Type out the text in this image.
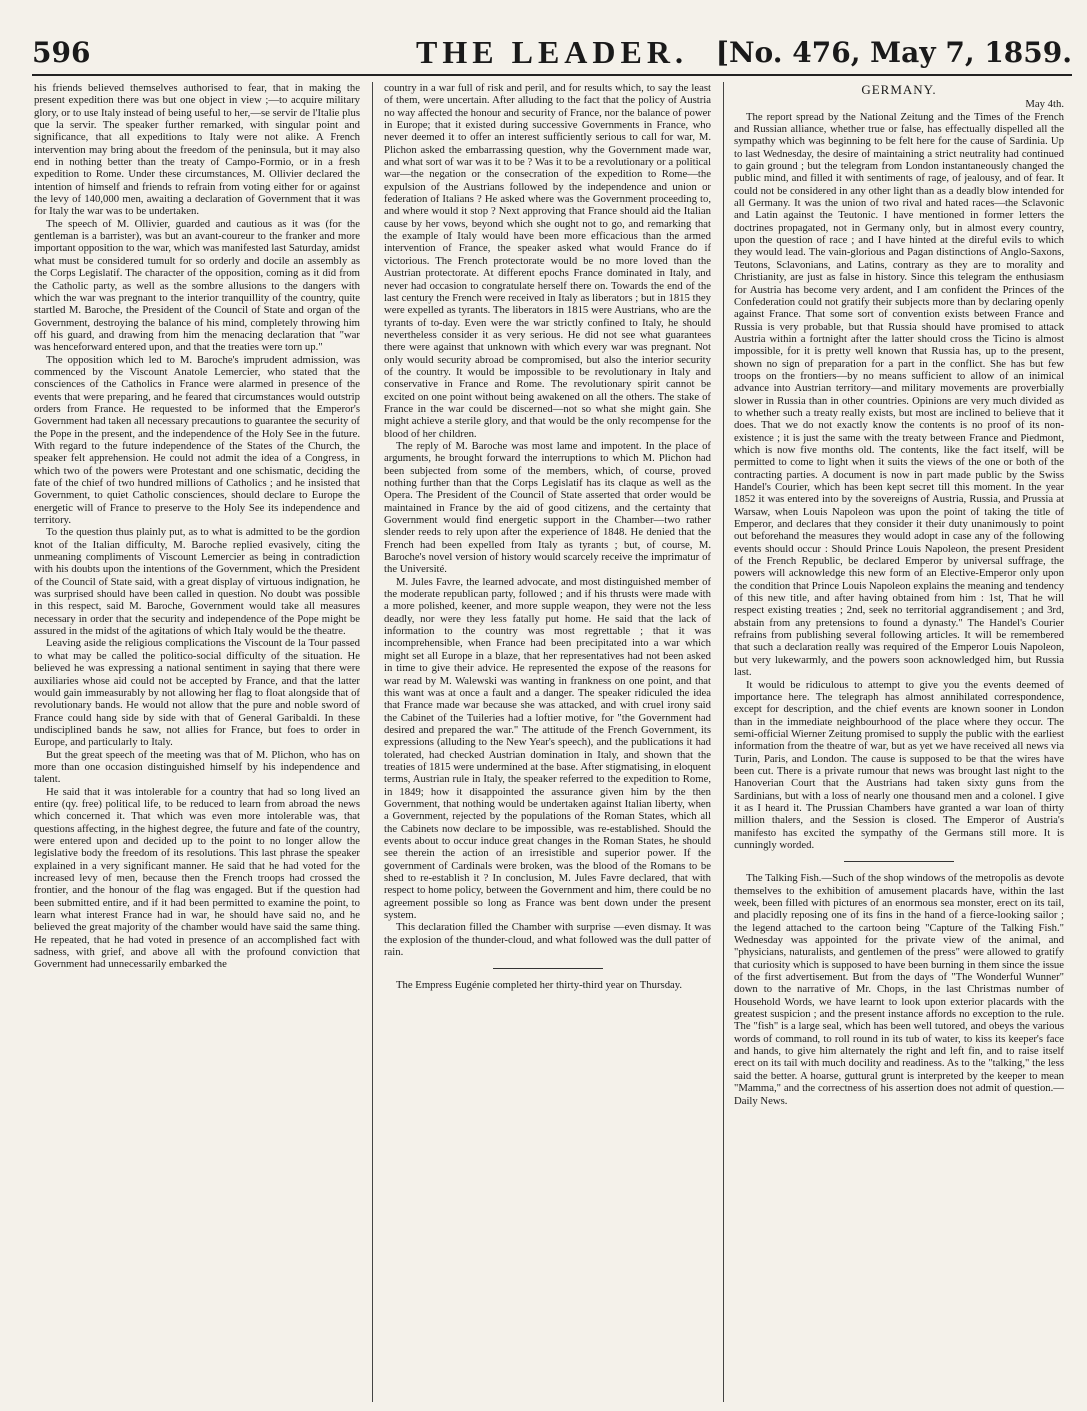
596	THE LEADER. [No. 476, May 7, 1859.

his friends believed themselves authorised to fear, that in making the present expedition there was but one object in view ;—to acquire military glory, or to use Italy instead of being useful to her,—se servir de l'Italie plus que la servir. The speaker further remarked, with singular point and significance, that all expeditions to Italy were not alike. A French intervention may bring about the freedom of the peninsula, but it may also end in nothing better than the treaty of Campo-Formio, or in a fresh expedition to Rome. Under these circumstances, M. Ollivier declared the intention of himself and friends to refrain from voting either for or against the levy of 140,000 men, awaiting a declaration of Government that it was for Italy the war was to be undertaken.

The speech of M. Ollivier, guarded and cautious as it was (for the gentleman is a barrister), was but an avant-coureur to the franker and more important opposition to the war, which was manifested last Saturday, amidst what must be considered tumult for so orderly and docile an assembly as the Corps Legislatif. The character of the opposition, coming as it did from the Catholic party, as well as the sombre allusions to the dangers with which the war was pregnant to the interior tranquillity of the country, quite startled M. Baroche, the President of the Council of State and organ of the Government, destroying the balance of his mind, completely throwing him off his guard, and drawing from him the menacing declaration that "war was henceforward entered upon, and that the treaties were torn up."

The opposition which led to M. Baroche's imprudent admission, was commenced by the Viscount Anatole Lemercier, who stated that the consciences of the Catholics in France were alarmed in presence of the events that were preparing, and he feared that circumstances would outstrip orders from France. He requested to be informed that the Emperor's Government had taken all necessary precautions to guarantee the security of the Pope in the present, and the independence of the Holy See in the future. With regard to the future independence of the States of the Church, the speaker felt apprehension. He could not admit the idea of a Congress, in which two of the powers were Protestant and one schismatic, deciding the fate of the chief of two hundred millions of Catholics ; and he insisted that Government, to quiet Catholic consciences, should declare to Europe the energetic will of France to preserve to the Holy See its independence and territory.

To the question thus plainly put, as to what is admitted to be the gordion knot of the Italian difficulty, M. Baroche replied evasively, citing the unmeaning compliments of Viscount Lemercier as being in contradiction with his doubts upon the intentions of the Government, which the President of the Council of State said, with a great display of virtuous indignation, he was surprised should have been called in question. No doubt was possible in this respect, said M. Baroche, Government would take all measures necessary in order that the security and independence of the Pope might be assured in the midst of the agitations of which Italy would be the theatre.

Leaving aside the religious complications the Viscount de la Tour passed to what may be called the politico-social difficulty of the situation. He believed he was expressing a national sentiment in saying that there were auxiliaries whose aid could not be accepted by France, and that the latter would gain immeasurably by not allowing her flag to float alongside that of revolutionary bands. He would not allow that the pure and noble sword of France could hang side by side with that of General Garibaldi. In these undisciplined bands he saw, not allies for France, but foes to order in Europe, and particularly to Italy.

But the great speech of the meeting was that of M. Plichon, who has on more than one occasion distinguished himself by his independence and talent.

He said that it was intolerable for a country that had so long lived an entire (qy. free) political life, to be reduced to learn from abroad the news which concerned it. That which was even more intolerable was, that questions affecting, in the highest degree, the future and fate of the country, were entered upon and decided up to the point to no longer allow the legislative body the freedom of its resolutions. This last phrase the speaker explained in a very significant manner. He said that he had voted for the increased levy of men, because then the French troops had crossed the frontier, and the honour of the flag was engaged. But if the question had been submitted entire, and if it had been permitted to examine the point, to learn what interest France had in war, he should have said no, and he believed the great majority of the chamber would have said the same thing. He repeated, that he had voted in presence of an accomplished fact with sadness, with grief, and above all with the profound conviction that Government had unnecessarily embarked the

country in a war full of risk and peril, and for results which, to say the least of them, were uncertain. After alluding to the fact that the policy of Austria no way affected the honour and security of France, nor the balance of power in Europe; that it existed during successive Governments in France, who never deemed it to offer an interest sufficiently serious to call for war, M. Plichon asked the embarrassing question, why the Government made war, and what sort of war was it to be ? Was it to be a revolutionary or a political war—the negation or the consecration of the expedition to Rome—the expulsion of the Austrians followed by the independence and union or federation of Italians ? He asked where was the Government proceeding to, and where would it stop ? Next approving that France should aid the Italian cause by her vows, beyond which she ought not to go, and remarking that the example of Italy would have been more efficacious than the armed intervention of France, the speaker asked what would France do if victorious. The French protectorate would be no more loved than the Austrian protectorate. At different epochs France dominated in Italy, and never had occasion to congratulate herself there on. Towards the end of the last century the French were received in Italy as liberators ; but in 1815 they were expelled as tyrants. The liberators in 1815 were Austrians, who are the tyrants of to-day. Even were the war strictly confined to Italy, he should nevertheless consider it as very serious. He did not see what guarantees there were against that unknown with which every war was pregnant. Not only would security abroad be compromised, but also the interior security of the country. It would be impossible to be revolutionary in Italy and conservative in France and Rome. The revolutionary spirit cannot be excited on one point without being awakened on all the others. The stake of France in the war could be discerned—not so what she might gain. She might achieve a sterile glory, and that would be the only recompense for the blood of her children.

The reply of M. Baroche was most lame and impotent. In the place of arguments, he brought forward the interruptions to which M. Plichon had been subjected from some of the members, which, of course, proved nothing further than that the Corps Legislatif has its claque as well as the Opera. The President of the Council of State asserted that order would be maintained in France by the aid of good citizens, and the certainty that Government would find energetic support in the Chamber—two rather slender reeds to rely upon after the experience of 1848. He denied that the French had been expelled from Italy as tyrants ; but, of course, M. Baroche's novel version of history would scarcely receive the imprimatur of the Université.

M. Jules Favre, the learned advocate, and most distinguished member of the moderate republican party, followed ; and if his thrusts were made with a more polished, keener, and more supple weapon, they were not the less deadly, nor were they less fatally put home. He said that the lack of information to the country was most regrettable ; that it was incomprehensible, when France had been precipitated into a war which might set all Europe in a blaze, that her representatives had not been asked in time to give their advice. He represented the expose of the reasons for war read by M. Walewski was wanting in frankness on one point, and that this want was at once a fault and a danger. The speaker ridiculed the idea that France made war because she was attacked, and with cruel irony said the Cabinet of the Tuileries had a loftier motive, for "the Government had desired and prepared the war." The attitude of the French Government, its expressions (alluding to the New Year's speech), and the publications it had tolerated, had checked Austrian domination in Italy, and shown that the treaties of 1815 were undermined at the base. After stigmatising, in eloquent terms, Austrian rule in Italy, the speaker referred to the expedition to Rome, in 1849; how it disappointed the assurance given him by the then Government, that nothing would be undertaken against Italian liberty, when a Government, rejected by the populations of the Roman States, which all the Cabinets now declare to be impossible, was re-established. Should the events about to occur induce great changes in the Roman States, he should see therein the action of an irresistible and superior power. If the government of Cardinals were broken, was the blood of the Romans to be shed to re-establish it ? In conclusion, M. Jules Favre declared, that with respect to home policy, between the Government and him, there could be no agreement possible so long as France was bent down under the present system.

This declaration filled the Chamber with surprise —even dismay. It was the explosion of the thunder-cloud, and what followed was the dull patter of rain.

The Empress Eugénie completed her thirty-third year on Thursday.

GERMANY.

May 4th.

The report spread by the National Zeitung and the Times of the French and Russian alliance, whether true or false, has effectually dispelled all the sympathy which was beginning to be felt here for the cause of Sardinia. Up to last Wednesday, the desire of maintaining a strict neutrality had continued to gain ground ; but the telegram from London instantaneously changed the public mind, and filled it with sentiments of rage, of jealousy, and of fear. It could not be considered in any other light than as a deadly blow intended for all Germany. It was the union of two rival and hated races—the Sclavonic and Latin against the Teutonic. I have mentioned in former letters the doctrines propagated, not in Germany only, but in almost every country, upon the question of race ; and I have hinted at the direful evils to which they would lead. The vain-glorious and Pagan distinctions of Anglo-Saxons, Teutons, Sclavonians, and Latins, contrary as they are to morality and Christianity, are just as false in history. Since this telegram the enthusiasm for Austria has become very ardent, and I am confident the Princes of the Confederation could not gratify their subjects more than by declaring openly against France. That some sort of convention exists between France and Russia is very probable, but that Russia should have promised to attack Austria within a fortnight after the latter should cross the Ticino is almost impossible, for it is pretty well known that Russia has, up to the present, shown no sign of preparation for a part in the conflict. She has but few troops on the frontiers—by no means sufficient to allow of an inimical advance into Austrian territory—and military movements are proverbially slower in Russia than in other countries. Opinions are very much divided as to whether such a treaty really exists, but most are inclined to believe that it does. That we do not exactly know the contents is no proof of its non-existence ; it is just the same with the treaty between France and Piedmont, which is now five months old. The contents, like the fact itself, will be permitted to come to light when it suits the views of the one or both of the contracting parties. A document is now in part made public by the Swiss Handel's Courier, which has been kept secret till this moment. In the year 1852 it was entered into by the sovereigns of Austria, Russia, and Prussia at Warsaw, when Louis Napoleon was upon the point of taking the title of Emperor, and declares that they consider it their duty unanimously to point out beforehand the measures they would adopt in case any of the following events should occur : Should Prince Louis Napoleon, the present President of the French Republic, be declared Emperor by universal suffrage, the powers will acknowledge this new form of an Elective-Emperor only upon the condition that Prince Louis Napoleon explains the meaning and tendency of this new title, and after having obtained from him : 1st, That he will respect existing treaties ; 2nd, seek no territorial aggrandisement ; and 3rd, abstain from any pretensions to found a dynasty." The Handel's Courier refrains from publishing several following articles. It will be remembered that such a declaration really was required of the Emperor Louis Napoleon, but very lukewarmly, and the powers soon acknowledged him, but Russia last.

It would be ridiculous to attempt to give you the events deemed of importance here. The telegraph has almost annihilated correspondence, except for description, and the chief events are known sooner in London than in the immediate neighbourhood of the place where they occur. The semi-official Wierner Zeitung promised to supply the public with the earliest information from the theatre of war, but as yet we have received all news via Turin, Paris, and London. The cause is supposed to be that the wires have been cut. There is a private rumour that news was brought last night to the Hanoverian Court that the Austrians had taken sixty guns from the Sardinians, but with a loss of nearly one thousand men and a colonel. I give it as I heard it. The Prussian Chambers have granted a war loan of thirty million thalers, and the Session is closed. The Emperor of Austria's manifesto has excited the sympathy of the Germans still more. It is cunningly worded.

The Talking Fish.—Such of the shop windows of the metropolis as devote themselves to the exhibition of amusement placards have, within the last week, been filled with pictures of an enormous sea monster, erect on its tail, and placidly reposing one of its fins in the hand of a fierce-looking sailor ; the legend attached to the cartoon being "Capture of the Talking Fish." Wednesday was appointed for the private view of the animal, and "physicians, naturalists, and gentlemen of the press" were allowed to gratify that curiosity which is supposed to have been burning in them since the issue of the first advertisement. But from the days of "The Wonderful Wunner" down to the narrative of Mr. Chops, in the last Christmas number of Household Words, we have learnt to look upon exterior placards with the greatest suspicion ; and the present instance affords no exception to the rule. The "fish" is a large seal, which has been well tutored, and obeys the various words of command, to roll round in its tub of water, to kiss its keeper's face and hands, to give him alternately the right and left fin, and to raise itself erect on its tail with much docility and readiness. As to the "talking," the less said the better. A hoarse, guttural grunt is interpreted by the keeper to mean "Mamma," and the correctness of his assertion does not admit of question.—Daily News.
